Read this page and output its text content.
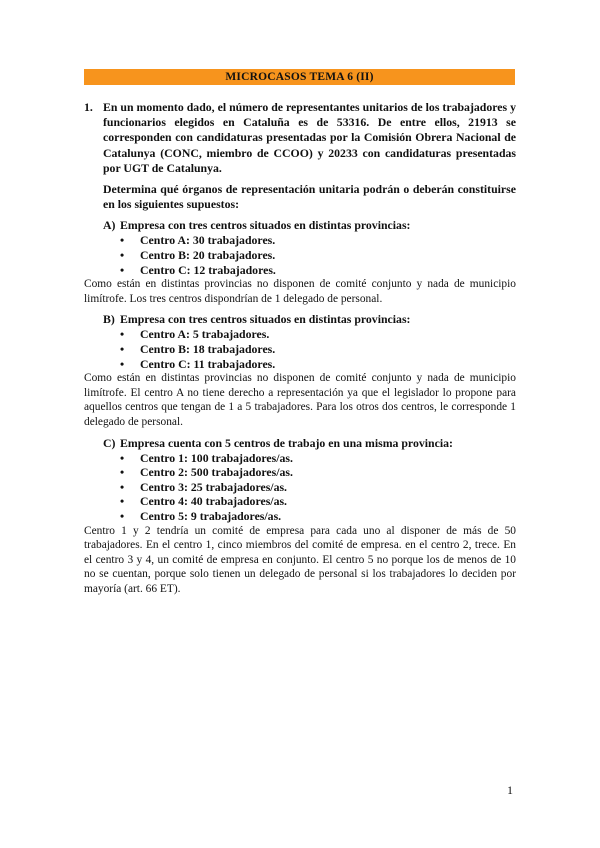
MICROCASOS TEMA 6 (II)
1. En un momento dado, el número de representantes unitarios de los trabajadores y funcionarios elegidos en Cataluña es de 53316. De entre ellos, 21913 se corresponden con candidaturas presentadas por la Comisión Obrera Nacional de Catalunya (CONC, miembro de CCOO) y 20233 con candidaturas presentadas por UGT de Catalunya.

Determina qué órganos de representación unitaria podrán o deberán constituirse en los siguientes supuestos:

A) Empresa con tres centros situados en distintas provincias:
•	Centro A: 30 trabajadores.
•	Centro B: 20 trabajadores.
•	Centro C: 12 trabajadores.

Como están en distintas provincias no disponen de comité conjunto y nada de municipio limítrofe. Los tres centros dispondrían de 1 delegado de personal.

B) Empresa con tres centros situados en distintas provincias:
•	Centro A: 5 trabajadores.
•	Centro B: 18 trabajadores.
•	Centro C: 11 trabajadores.

Como están en distintas provincias no disponen de comité conjunto y nada de municipio limítrofe. El centro A no tiene derecho a representación ya que el legislador lo propone para aquellos centros que tengan de 1 a 5 trabajadores. Para los otros dos centros, le corresponde 1 delegado de personal.

C) Empresa cuenta con 5 centros de trabajo en una misma provincia:
•	Centro 1: 100 trabajadores/as.
•	Centro 2: 500 trabajadores/as.
•	Centro 3: 25 trabajadores/as.
•	Centro 4: 40 trabajadores/as.
•	Centro 5: 9 trabajadores/as.

Centro 1 y 2 tendría un comité de empresa para cada uno al disponer de más de 50 trabajadores. En el centro 1, cinco miembros del comité de empresa. en el centro 2, trece. En el centro 3 y 4, un comité de empresa en conjunto. El centro 5 no porque los de menos de 10 no se cuentan, porque solo tienen un delegado de personal si los trabajadores lo deciden por mayoría (art. 66 ET).

1
